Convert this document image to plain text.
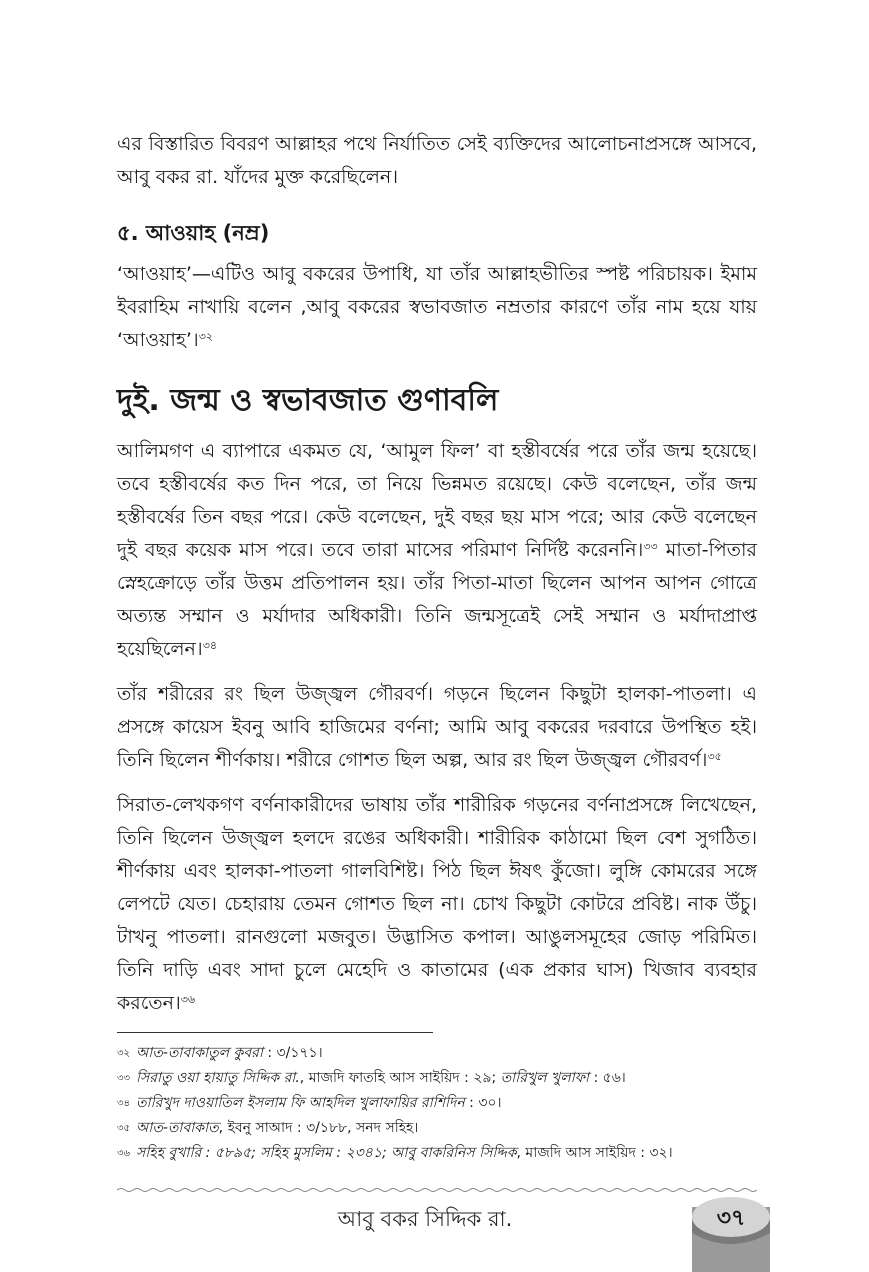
এর বিস্তারিত বিবরণ আল্লাহর পথে নির্যাতিত সেই ব্যক্তিদের আলোচনাপ্রসঙ্গে আসবে, আবু বকর রা. যাঁদের মুক্ত করেছিলেন।

৫. আওয়াহ (নম্র)

‘আওয়াহ’—এটিও আবু বকরের উপাধি, যা তাঁর আল্লাহভীতির স্পষ্ট পরিচায়ক। ইমাম ইবরাহিম নাখায়ি বলেন ,আবু বকরের স্বভাবজাত নম্রতার কারণে তাঁর নাম হয়ে যায় ‘আওয়াহ’।$^{৩২}$

দুই. জন্ম ও স্বভাবজাত গুণাবলি

আলিমগণ এ ব্যাপারে একমত যে, ‘আমুল ফিল’ বা হস্তীবর্ষের পরে তাঁর জন্ম হয়েছে। তবে হস্তীবর্ষের কত দিন পরে, তা নিয়ে ভিন্নমত রয়েছে। কেউ বলেছেন, তাঁর জন্ম হস্তীবর্ষের তিন বছর পরে। কেউ বলেছেন, দুই বছর ছয় মাস পরে; আর কেউ বলেছেন দুই বছর কয়েক মাস পরে। তবে তারা মাসের পরিমাণ নির্দিষ্ট করেননি।$^{৩৩}$ মাতা-পিতার স্নেহক্রোড়ে তাঁর উত্তম প্রতিপালন হয়। তাঁর পিতা-মাতা ছিলেন আপন আপন গোত্রে অত্যন্ত সম্মান ও মর্যাদার অধিকারী। তিনি জন্মসূত্রেই সেই সম্মান ও মর্যাদাপ্রাপ্ত হয়েছিলেন।$^{৩৪}$

তাঁর শরীরের রং ছিল উজ্জ্বল গৌরবর্ণ। গড়নে ছিলেন কিছুটা হালকা-পাতলা। এ প্রসঙ্গে কায়েস ইবনু আবি হাজিমের বর্ণনা; আমি আবু বকরের দরবারে উপস্থিত হই। তিনি ছিলেন শীর্ণকায়। শরীরে গোশত ছিল অল্প, আর রং ছিল উজ্জ্বল গৌরবর্ণ।$^{৩৫}$

সিরাত-লেখকগণ বর্ণনাকারীদের ভাষায় তাঁর শারীরিক গড়নের বর্ণনাপ্রসঙ্গে লিখেছেন, তিনি ছিলেন উজ্জ্বল হলদে রঙের অধিকারী। শারীরিক কাঠামো ছিল বেশ সুগঠিত। শীর্ণকায় এবং হালকা-পাতলা গালবিশিষ্ট। পিঠ ছিল ঈষৎ কুঁজো। লুঙ্গি কোমরের সঙ্গে লেপটে যেত। চেহারায় তেমন গোশত ছিল না। চোখ কিছুটা কোটরে প্রবিষ্ট। নাক উঁচু। টাখনু পাতলা। রানগুলো মজবুত। উদ্ভাসিত কপাল। আঙুলসমূহের জোড় পরিমিত। তিনি দাড়ি এবং সাদা চুলে মেহেদি ও কাতামের (এক প্রকার ঘাস) খিজাব ব্যবহার করতেন।$^{৩৬}$

$^{৩২}$ আত-তাবাকাতুল কুবরা : ৩/১৭১।

$^{৩৩}$ সিরাতু ওয়া হায়াতু সিদ্দিক রা., মাজদি ফাতহি আস সাইয়িদ : ২৯; তারিখুল খুলাফা : ৫৬।

$^{৩৪}$ তারিখুদ দাওয়াতিল ইসলাম ফি আহদিল খুলাফায়ির রাশিদিন : ৩০।

$^{৩৫}$ আত-তাবাকাত, ইবনু সাআদ : ৩/১৮৮, সনদ সহিহ।

$^{৩৬}$ সহিহ বুখারি : ৫৮৯৫; সহিহ মুসলিম : ২৩৪১; আবু বাকরিনিস সিদ্দিক, মাজদি আস সাইয়িদ : ৩২।

আবু বকর সিদ্দিক রা.	৩৭
